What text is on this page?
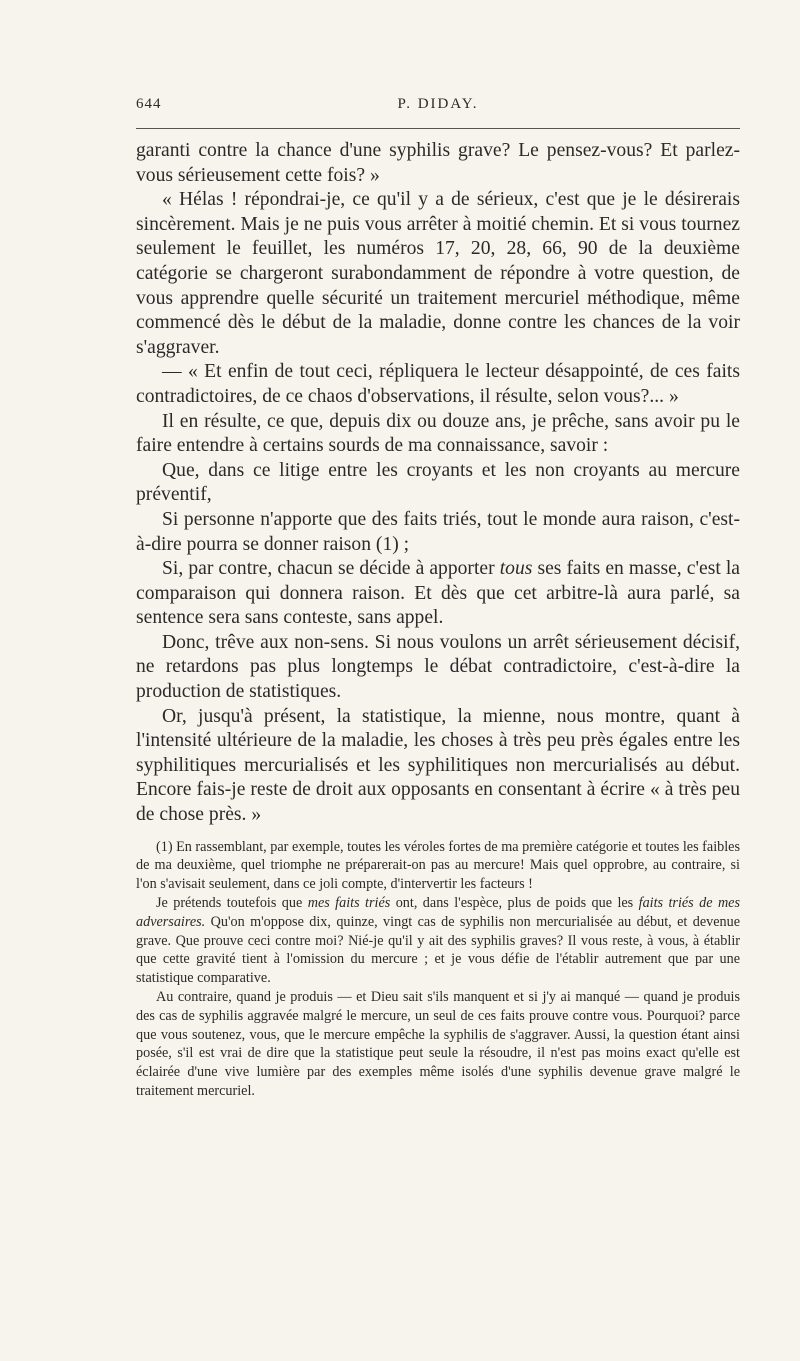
644	P. DIDAY.

garanti contre la chance d'une syphilis grave? Le pensez-vous? Et parlez-vous sérieusement cette fois? »

« Hélas ! répondrai-je, ce qu'il y a de sérieux, c'est que je le désirerais sincèrement. Mais je ne puis vous arrêter à moitié chemin. Et si vous tournez seulement le feuillet, les numéros 17, 20, 28, 66, 90 de la deuxième catégorie se chargeront surabondamment de répondre à votre question, de vous apprendre quelle sécurité un traitement mercuriel méthodique, même commencé dès le début de la maladie, donne contre les chances de la voir s'aggraver.

— « Et enfin de tout ceci, répliquera le lecteur désappointé, de ces faits contradictoires, de ce chaos d'observations, il résulte, selon vous?... »

Il en résulte, ce que, depuis dix ou douze ans, je prêche, sans avoir pu le faire entendre à certains sourds de ma connaissance, savoir :

Que, dans ce litige entre les croyants et les non croyants au mercure préventif,

Si personne n'apporte que des faits triés, tout le monde aura raison, c'est-à-dire pourra se donner raison (1) ;

Si, par contre, chacun se décide à apporter tous ses faits en masse, c'est la comparaison qui donnera raison. Et dès que cet arbitre-là aura parlé, sa sentence sera sans conteste, sans appel.

Donc, trêve aux non-sens. Si nous voulons un arrêt sérieusement décisif, ne retardons pas plus longtemps le débat contradictoire, c'est-à-dire la production de statistiques.

Or, jusqu'à présent, la statistique, la mienne, nous montre, quant à l'intensité ultérieure de la maladie, les choses à très peu près égales entre les syphilitiques mercurialisés et les syphilitiques non mercurialisés au début. Encore fais-je reste de droit aux opposants en consentant à écrire « à très peu de chose près. »

(1) En rassemblant, par exemple, toutes les véroles fortes de ma première catégorie et toutes les faibles de ma deuxième, quel triomphe ne préparerait-on pas au mercure! Mais quel opprobre, au contraire, si l'on s'avisait seulement, dans ce joli compte, d'intervertir les facteurs !

Je prétends toutefois que mes faits triés ont, dans l'espèce, plus de poids que les faits triés de mes adversaires. Qu'on m'oppose dix, quinze, vingt cas de syphilis non mercurialisée au début, et devenue grave. Que prouve ceci contre moi? Nié-je qu'il y ait des syphilis graves? Il vous reste, à vous, à établir que cette gravité tient à l'omission du mercure ; et je vous défie de l'établir autrement que par une statistique comparative.

Au contraire, quand je produis — et Dieu sait s'ils manquent et si j'y ai manqué — quand je produis des cas de syphilis aggravée malgré le mercure, un seul de ces faits prouve contre vous. Pourquoi? parce que vous soutenez, vous, que le mercure empêche la syphilis de s'aggraver. Aussi, la question étant ainsi posée, s'il est vrai de dire que la statistique peut seule la résoudre, il n'est pas moins exact qu'elle est éclairée d'une vive lumière par des exemples même isolés d'une syphilis devenue grave malgré le traitement mercuriel.
